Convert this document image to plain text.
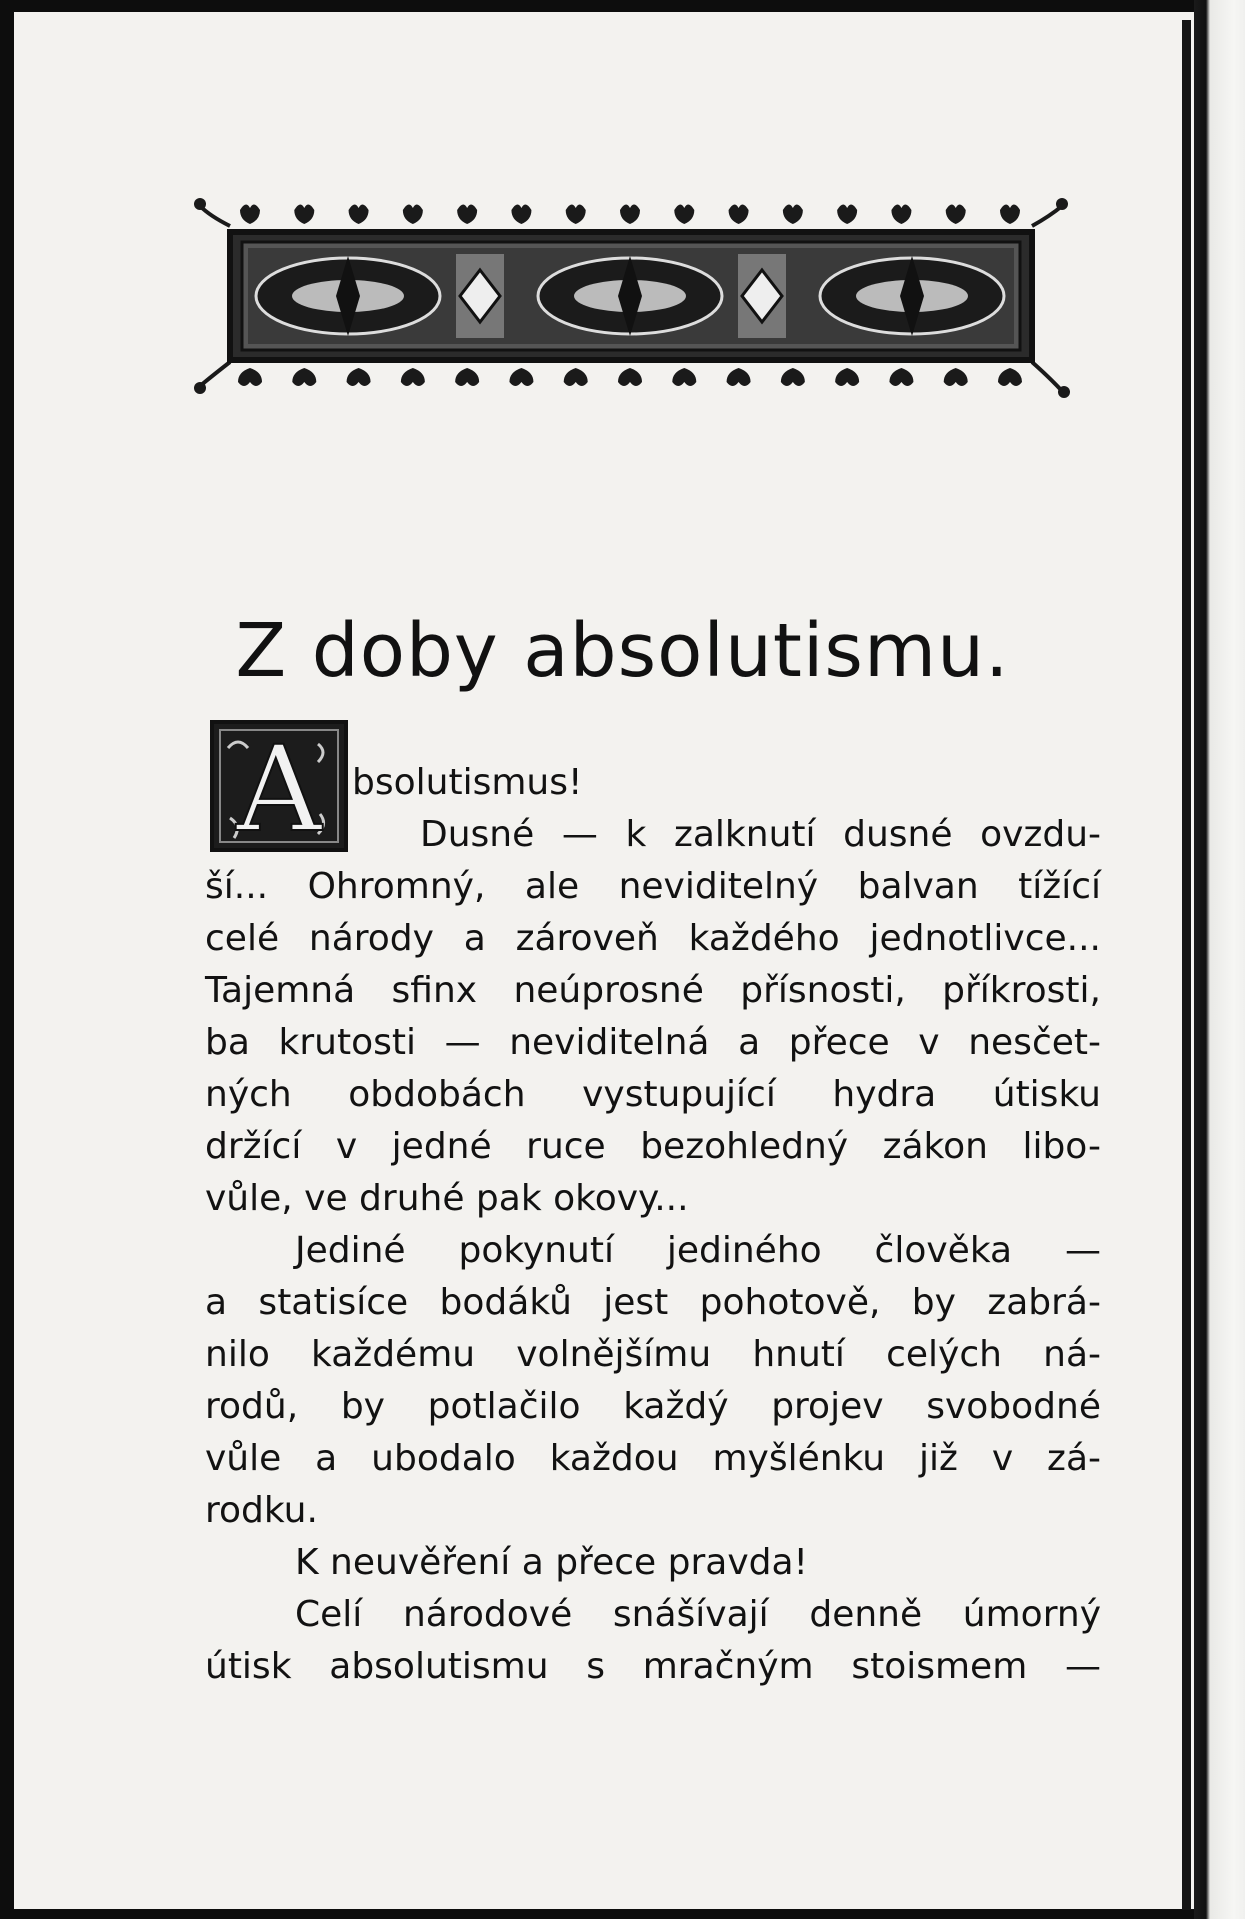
Z doby absolutismu.
A bsolutismus!
Dusné — k zalknutí dusné ovzdu-
ší... Ohromný, ale neviditelný balvan tížící
celé národy a zároveň každého jednotlivce...
Tajemná sfinx neúprosné přísnosti, příkrosti,
ba krutosti — neviditelná a přece v nesčet-
ných obdobách vystupující hydra útisku
držící v jedné ruce bezohledný zákon libo-
vůle, ve druhé pak okovy...
Jediné pokynutí jediného člověka —
a statisíce bodáků jest pohotově, by zabrá-
nilo každému volnějšímu hnutí celých ná-
rodů, by potlačilo každý projev svobodné
vůle a ubodalo každou myšlénku již v zá-
rodku.
K neuvěření a přece pravda!
Celí národové snášívají denně úmorný
útisk absolutismu s mračným stoismem —
